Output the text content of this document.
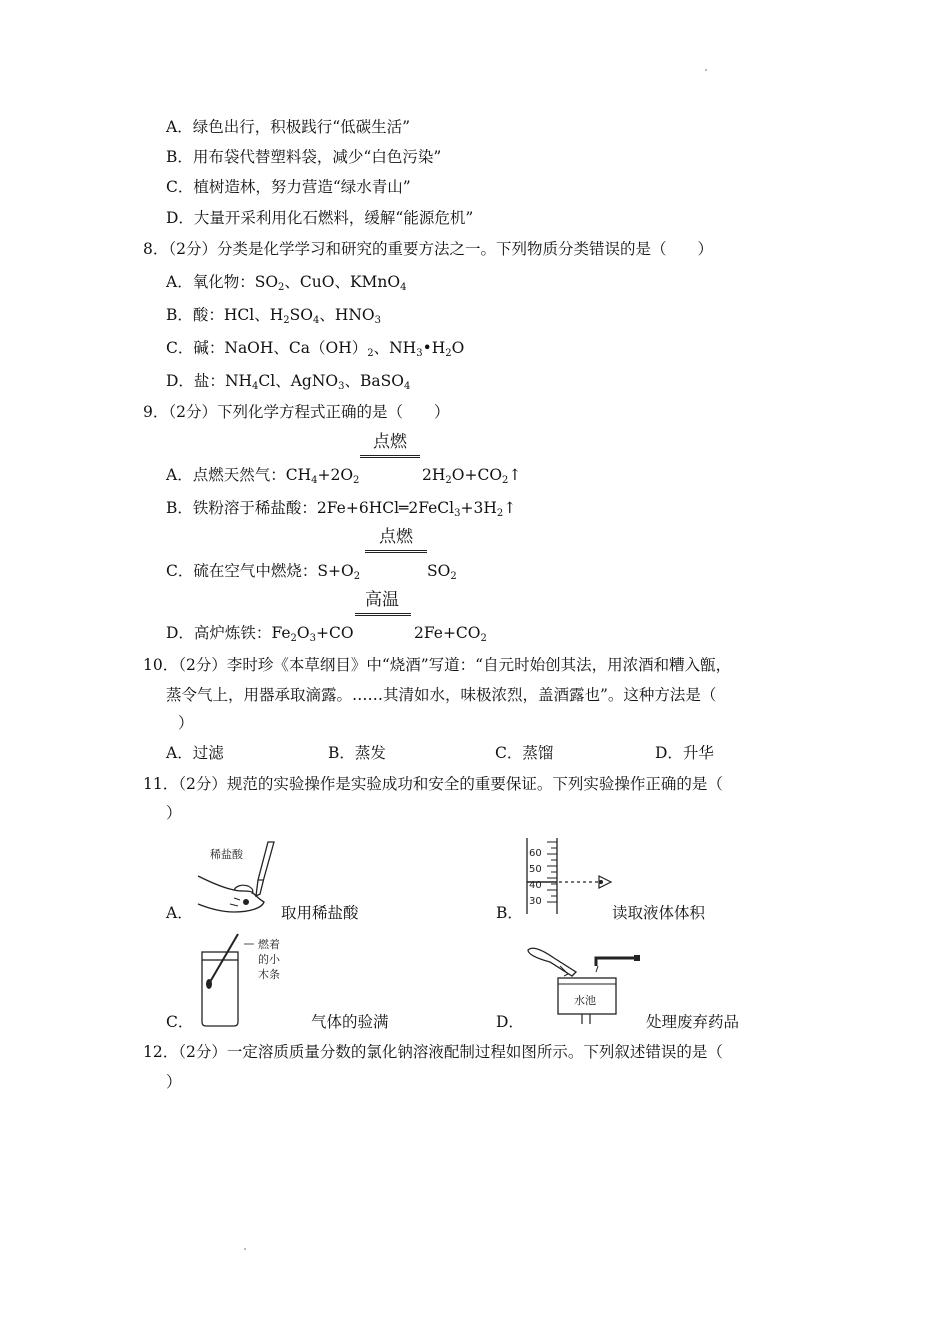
A．绿色出行，积极践行“低碳生活”
B．用布袋代替塑料袋，减少“白色污染”
C．植树造林，努力营造“绿水青山”
D．大量开采利用化石燃料，缓解“能源危机”
8．（2分）分类是化学学习和研究的重要方法之一。下列物质分类错误的是（　　）
A．氧化物：$SO_2$、CuO、KMnO$_4$
B．酸：HCl、$H_2SO_4$、$HNO_3$
C．碱：NaOH、$Ca(OH)_2$、$NH_3•H_2O$
D．盐：$NH_4Cl$、AgNO$_3$、BaSO$_4$
9．（2分）下列化学方程式正确的是（　　）
点燃
A．点燃天然气：$CH_4+2O_2$	$2H_2O+CO_2↑$
B．铁粉溶于稀盐酸：$2Fe+6HCl═2FeCl_3+3H_2↑$
点燃
C．硫在空气中燃烧：$S+O_2$	$SO_2$
高温
D．高炉炼铁：$Fe_2O_3+CO$	$2Fe+CO_2$
10．（2分）李时珍《本草纲目》中“烧酒”写道：“自元时始创其法，用浓酒和糟入甑，
蒸令气上，用器承取滴露。……其清如水，味极浓烈，盖酒露也”。这种方法是（
）
A．过滤	B．蒸发	C．蒸馏	D．升华
11．（2分）规范的实验操作是实验成功和安全的重要保证。下列实验操作正确的是（
）
稀盐酸
A．	取用稀盐酸
60
50
40
30
B．	读取液体体积
燃着
的小
木条
C．	气体的验满
水池
D．	处理废弃药品
12．（2分）一定溶质质量分数的氯化钠溶液配制过程如图所示。下列叙述错误的是（
）
